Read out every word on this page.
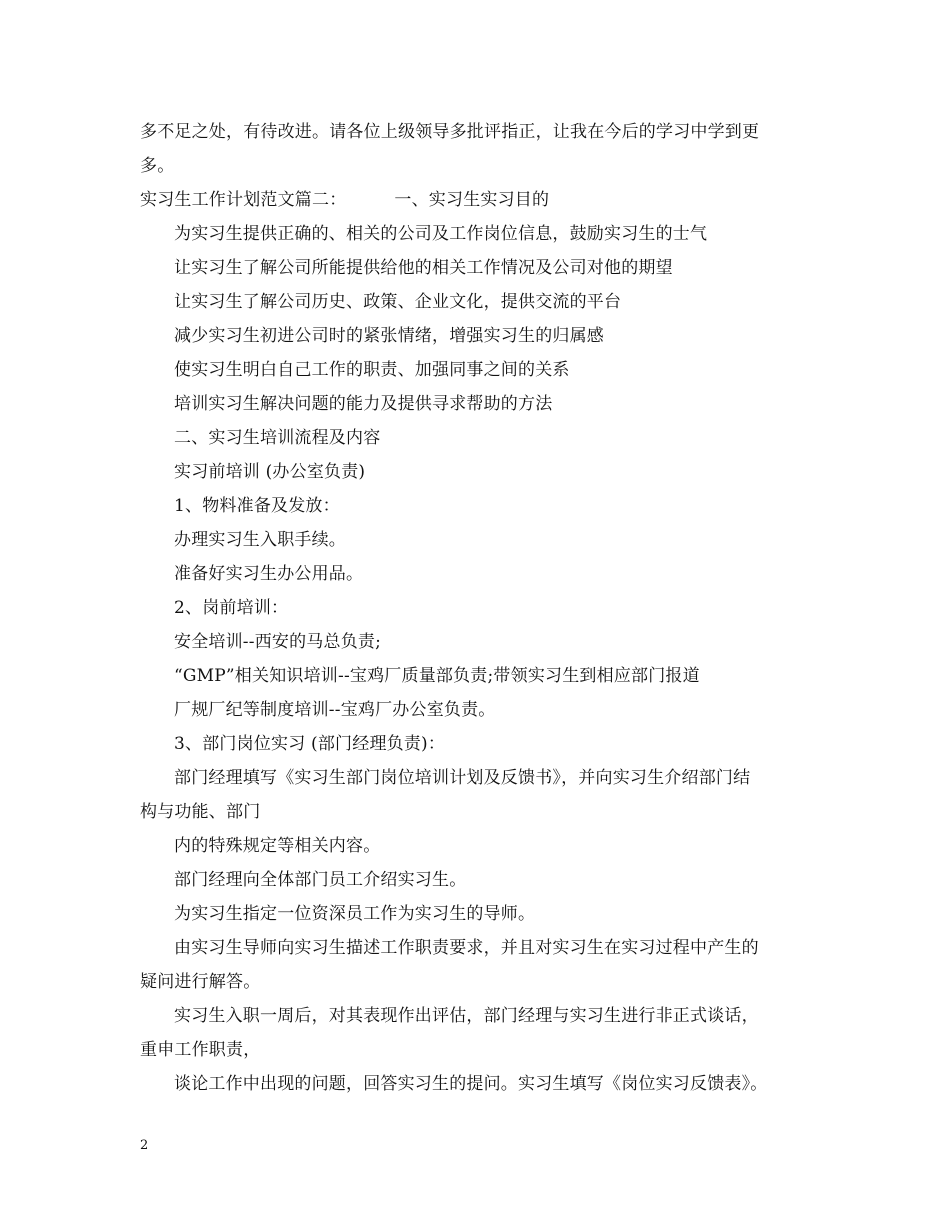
多不足之处，有待改进。请各位上级领导多批评指正，让我在今后的学习中学到更
多。
实习生工作计划范文篇二：	一、实习生实习目的
为实习生提供正确的、相关的公司及工作岗位信息，鼓励实习生的士气
让实习生了解公司所能提供给他的相关工作情况及公司对他的期望
让实习生了解公司历史、政策、企业文化，提供交流的平台
减少实习生初进公司时的紧张情绪，增强实习生的归属感
使实习生明白自己工作的职责、加强同事之间的关系
培训实习生解决问题的能力及提供寻求帮助的方法
二、实习生培训流程及内容
实习前培训 (办公室负责)
1、物料准备及发放：
办理实习生入职手续。
准备好实习生办公用品。
2、岗前培训：
安全培训--西安的马总负责;
“GMP”相关知识培训--宝鸡厂质量部负责;带领实习生到相应部门报道
厂规厂纪等制度培训--宝鸡厂办公室负责。
3、部门岗位实习 (部门经理负责)：
部门经理填写《实习生部门岗位培训计划及反馈书》，并向实习生介绍部门结
构与功能、部门
内的特殊规定等相关内容。
部门经理向全体部门员工介绍实习生。
为实习生指定一位资深员工作为实习生的导师。
由实习生导师向实习生描述工作职责要求，并且对实习生在实习过程中产生的
疑问进行解答。
实习生入职一周后，对其表现作出评估，部门经理与实习生进行非正式谈话，
重申工作职责，
谈论工作中出现的问题，回答实习生的提问。实习生填写《岗位实习反馈表》。
2
